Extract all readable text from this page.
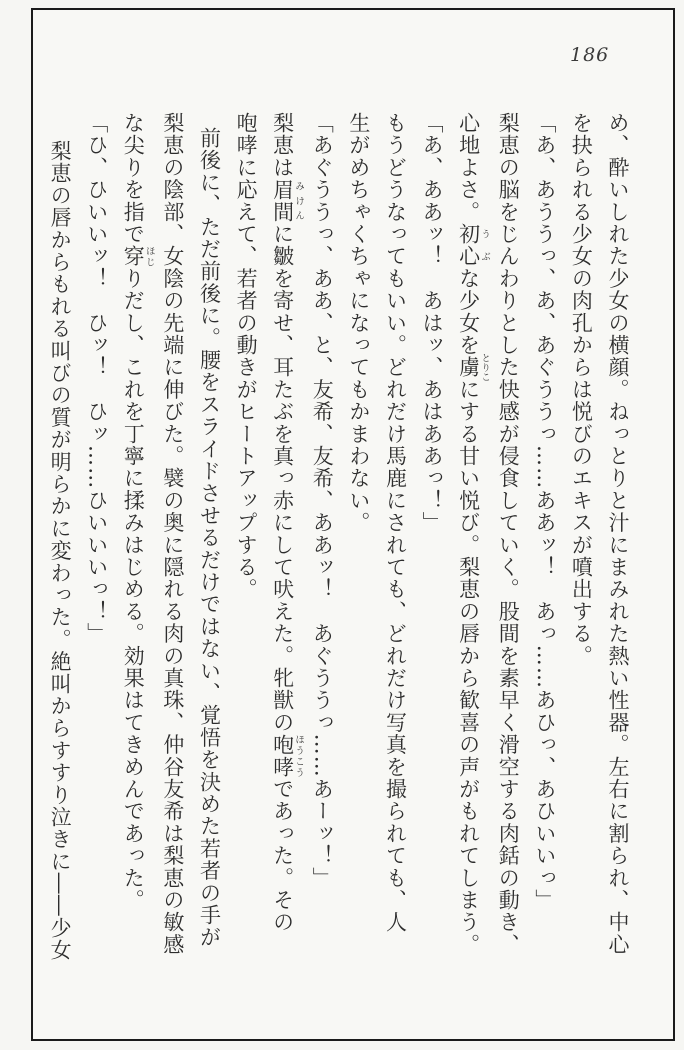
186
め、酔いしれた少女の横顔。ねっとりと汁にまみれた熱い性器。左右に割られ、中心
を抉られる少女の肉孔からは悦びのエキスが噴出する。
「あ、あううっ、あ、あぐううっ……ああッ！　あっ……あひっ、あひいいっ」
梨恵の脳をじんわりとした快感が侵食していく。股間を素早く滑空する肉銛の動き、
心地よさ。初心うぶな少女を虜とりこにする甘い悦び。梨恵の唇から歓喜の声がもれてしまう。
「あ、ああッ！　あはッ、あはああっ！」
もうどうなってもいい。どれだけ馬鹿にされても、どれだけ写真を撮られても、人
生がめちゃくちゃになってもかまわない。
「あぐううっ、ああ、と、友希、友希、ああッ！　あぐううっ……あーッ！」
梨恵は眉間みけんに皺を寄せ、耳たぶを真っ赤にして吠えた。牝獣の咆哮ほうこうであった。その
咆哮に応えて、若者の動きがヒートアップする。
前後に、ただ前後に。腰をスライドさせるだけではない、覚悟を決めた若者の手が
梨恵の陰部、女陰の先端に伸びた。襞の奥に隠れる肉の真珠、仲谷友希は梨恵の敏感
な尖りを指で穿ほじりだし、これを丁寧に揉みはじめる。効果はてきめんであった。
「ひ、ひいいッ！　ひッ！　ひッ……ひいいいっ！」
梨恵の唇からもれる叫びの質が明らかに変わった。絶叫からすすり泣きに――少女
